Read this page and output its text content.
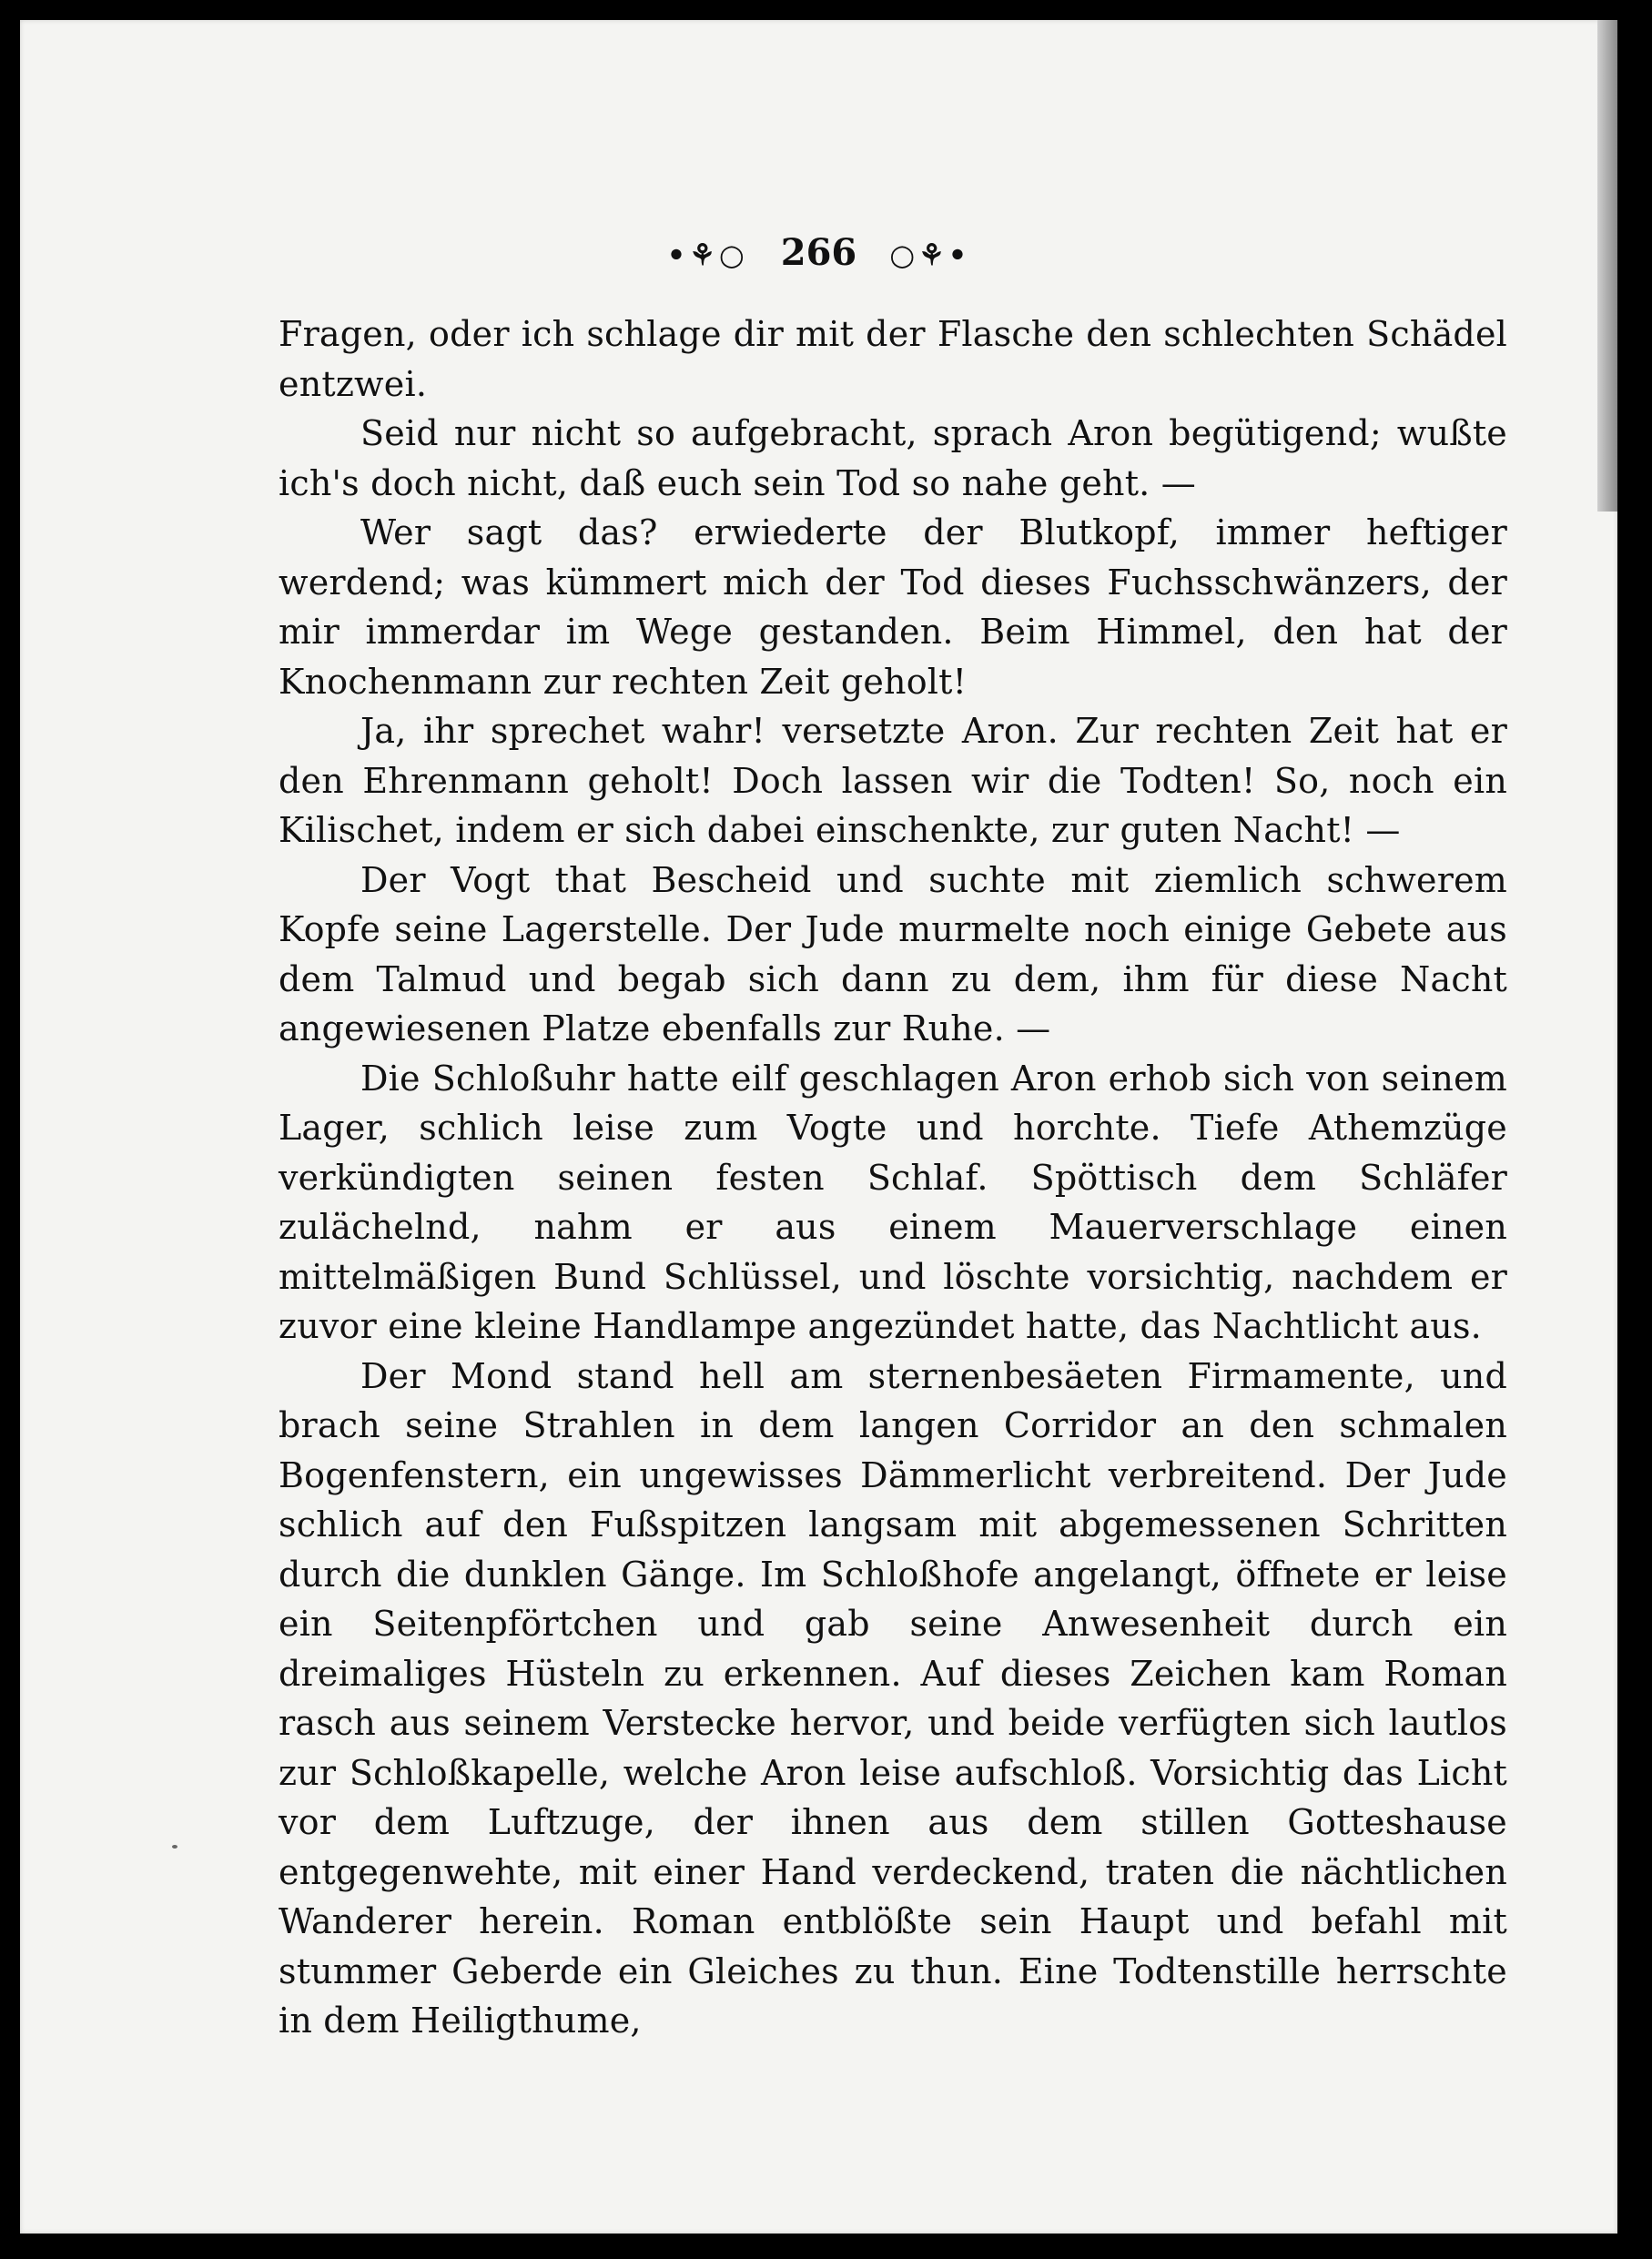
•⚘○ 266 ○⚘•

Fragen, oder ich schlage dir mit der Flasche den schlechten Schädel entzwei.

Seid nur nicht so aufgebracht, sprach Aron begütigend; wußte ich's doch nicht, daß euch sein Tod so nahe geht. —

Wer sagt das? erwiederte der Blutkopf, immer heftiger werdend; was kümmert mich der Tod dieses Fuchsschwänzers, der mir immerdar im Wege gestanden. Beim Himmel, den hat der Knochenmann zur rechten Zeit geholt!

Ja, ihr sprechet wahr! versetzte Aron. Zur rechten Zeit hat er den Ehrenmann geholt! Doch lassen wir die Todten! So, noch ein Kilischet, indem er sich dabei einschenkte, zur guten Nacht! —

Der Vogt that Bescheid und suchte mit ziemlich schwerem Kopfe seine Lagerstelle. Der Jude murmelte noch einige Gebete aus dem Talmud und begab sich dann zu dem, ihm für diese Nacht angewiesenen Platze ebenfalls zur Ruhe. —

Die Schloßuhr hatte eilf geschlagen Aron erhob sich von seinem Lager, schlich leise zum Vogte und horchte. Tiefe Athemzüge verkündigten seinen festen Schlaf. Spöttisch dem Schläfer zulächelnd, nahm er aus einem Mauerverschlage einen mittelmäßigen Bund Schlüssel, und löschte vorsichtig, nachdem er zuvor eine kleine Handlampe angezündet hatte, das Nachtlicht aus.

Der Mond stand hell am sternenbesäeten Firmamente, und brach seine Strahlen in dem langen Corridor an den schmalen Bogenfenstern, ein ungewisses Dämmerlicht verbreitend. Der Jude schlich auf den Fußspitzen langsam mit abgemessenen Schritten durch die dunklen Gänge. Im Schloßhofe angelangt, öffnete er leise ein Seitenpförtchen und gab seine Anwesenheit durch ein dreimaliges Hüsteln zu erkennen. Auf dieses Zeichen kam Roman rasch aus seinem Verstecke hervor, und beide verfügten sich lautlos zur Schloßkapelle, welche Aron leise aufschloß. Vorsichtig das Licht vor dem Luftzuge, der ihnen aus dem stillen Gotteshause entgegenwehte, mit einer Hand verdeckend, traten die nächtlichen Wanderer herein. Roman entblößte sein Haupt und befahl mit stummer Geberde ein Gleiches zu thun. Eine Todtenstille herrschte in dem Heiligthume,
